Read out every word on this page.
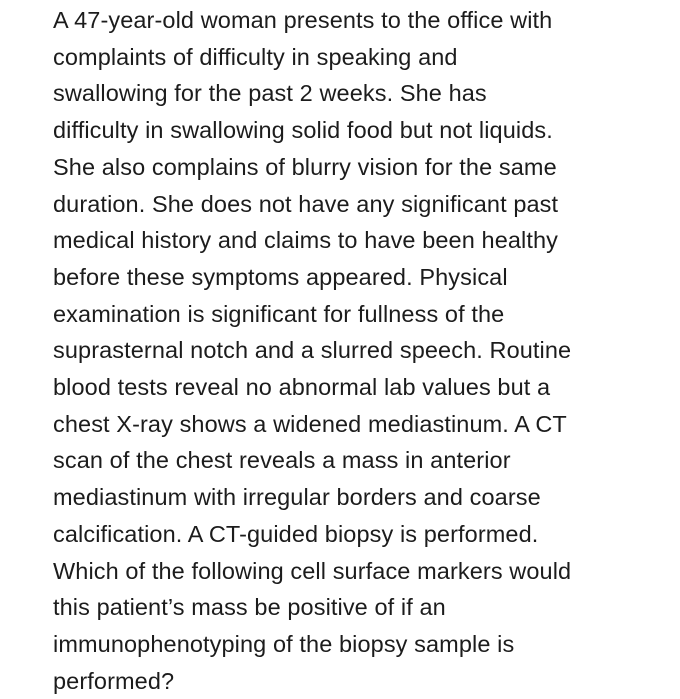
A 47-year-old woman presents to the office with
complaints of difficulty in speaking and
swallowing for the past 2 weeks. She has
difficulty in swallowing solid food but not liquids.
She also complains of blurry vision for the same
duration. She does not have any significant past
medical history and claims to have been healthy
before these symptoms appeared. Physical
examination is significant for fullness of the
suprasternal notch and a slurred speech. Routine
blood tests reveal no abnormal lab values but a
chest X-ray shows a widened mediastinum. A CT
scan of the chest reveals a mass in anterior
mediastinum with irregular borders and coarse
calcification. A CT-guided biopsy is performed.
Which of the following cell surface markers would
this patient’s mass be positive of if an
immunophenotyping of the biopsy sample is
performed?
